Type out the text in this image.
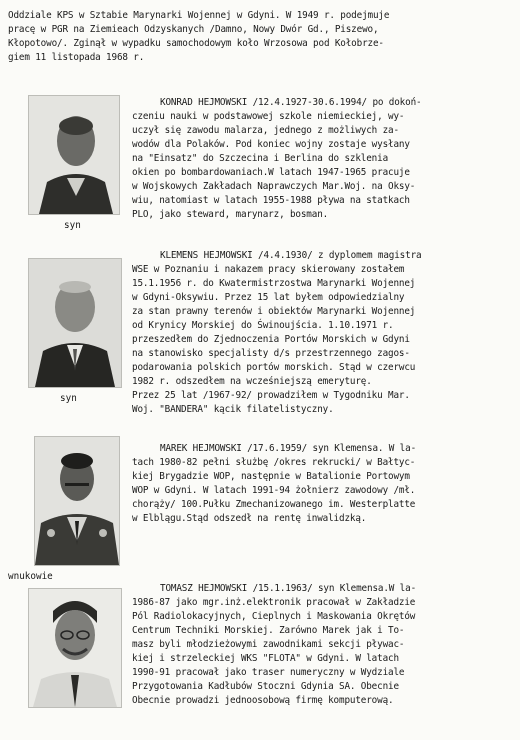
Oddziale KPS w Sztabie Marynarki Wojennej w Gdyni. W 1949 r. podejmuje
pracę w PGR na Ziemieach Odzyskanych /Damno, Nowy Dwór Gd., Piszewo,
Kłopotowo/. Zginął w wypadku samochodowym koło Wrzosowa pod Kołobrze-
giem 11 listopada 1968 r.
syn
KONRAD HEJMOWSKI /12.4.1927-30.6.1994/ po dokoń-
czeniu nauki w podstawowej szkole niemieckiej, wy-
uczył się zawodu malarza, jednego z możliwych za-
wodów dla Polaków. Pod koniec wojny zostaje wysłany
na "Einsatz" do Szczecina i Berlina do szklenia
okien po bombardowaniach.W latach 1947-1965 pracuje
w Wojskowych Zakładach Naprawczych Mar.Woj. na Oksy-
wiu, natomiast w latach 1955-1988 pływa na statkach
PLO, jako steward, marynarz, bosman.
syn
KLEMENS HEJMOWSKI /4.4.1930/ z dyplomem magistra
WSE w Poznaniu i nakazem pracy skierowany zostałem
15.1.1956 r. do Kwatermistrzostwa Marynarki Wojennej
w Gdyni-Oksywiu. Przez 15 lat byłem odpowiedzialny
za stan prawny terenów i obiektów Marynarki Wojennej
od Krynicy Morskiej do Świnoujścia. 1.10.1971 r.
przeszedłem do Zjednoczenia Portów Morskich w Gdyni
na stanowisko specjalisty d/s przestrzennego zagos-
podarowania polskich portów morskich. Stąd w czerwcu
1982 r. odszedłem na wcześniejszą emeryturę.
Przez 25 lat /1967-92/ prowadziłem w Tygodniku Mar.
Woj. "BANDERA" kącik filatelistyczny.
wnukowie
MAREK HEJMOWSKI /17.6.1959/ syn Klemensa. W la-
tach 1980-82 pełni służbę /okres rekrucki/ w Bałtyc-
kiej Brygadzie WOP, następnie w Batalionie Portowym
WOP w Gdyni. W latach 1991-94 żołnierz zawodowy /mł.
chorąży/ 100.Pułku Zmechanizowanego im. Westerplatte
w Elblągu.Stąd odszedł na rentę inwalidzką.
TOMASZ HEJMOWSKI /15.1.1963/ syn Klemensa.W la-
1986-87 jako mgr.inż.elektronik pracował w Zakładzie
Pól Radiolokacyjnych, Cieplnych i Maskowania Okrętów
Centrum Techniki Morskiej. Zarówno Marek jak i To-
masz byli młodzieżowymi zawodnikami sekcji pływac-
kiej i strzeleckiej WKS "FLOTA" w Gdyni. W latach
1990-91 pracował jako traser numeryczny w Wydziale
Przygotowania Kadłubów Stoczni Gdynia SA. Obecnie
Obecnie prowadzi jednoosobową firmę komputerową.
